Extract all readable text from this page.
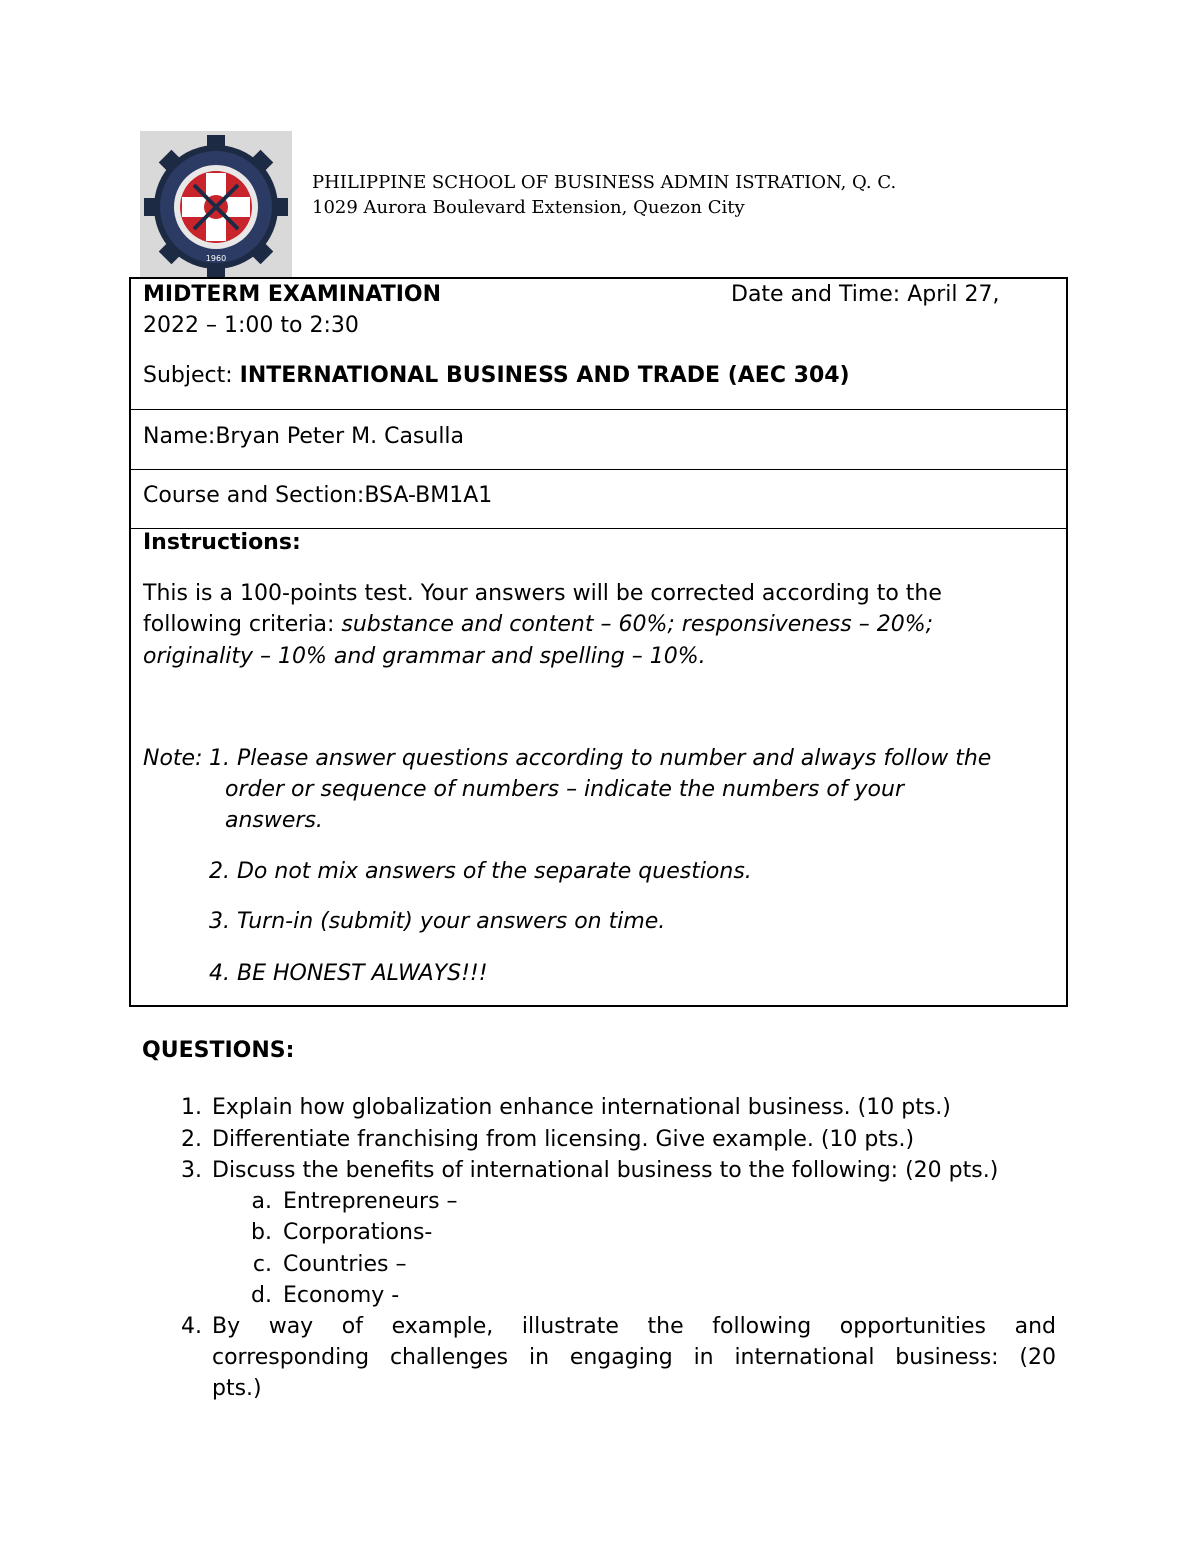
1960
PHILIPPINE SCHOOL OF BUSINESS ADMIN ISTRATION, Q. C.
1029 Aurora Boulevard Extension, Quezon City
MIDTERM EXAMINATION	Date and Time: April 27,
2022 – 1:00 to 2:30
Subject: INTERNATIONAL BUSINESS AND TRADE (AEC 304)
Name:Bryan Peter M. Casulla
Course and Section:BSA-BM1A1
Instructions:
This is a 100-points test. Your answers will be corrected according to the
following criteria: substance and content – 60%; responsiveness – 20%;
originality – 10% and grammar and spelling – 10%.
Note: 1. Please answer questions according to number and always follow the
order or sequence of numbers – indicate the numbers of your
answers.
2. Do not mix answers of the separate questions.
3. Turn-in (submit) your answers on time.
4. BE HONEST ALWAYS!!!
QUESTIONS:
1. Explain how globalization enhance international business. (10 pts.)
2. Differentiate franchising from licensing. Give example. (10 pts.)
3. Discuss the benefits of international business to the following: (20 pts.)
a. Entrepreneurs –
b. Corporations-
c. Countries –
d. Economy -
4. By way of example, illustrate the following opportunities and
corresponding challenges in engaging in international business: (20
pts.)
